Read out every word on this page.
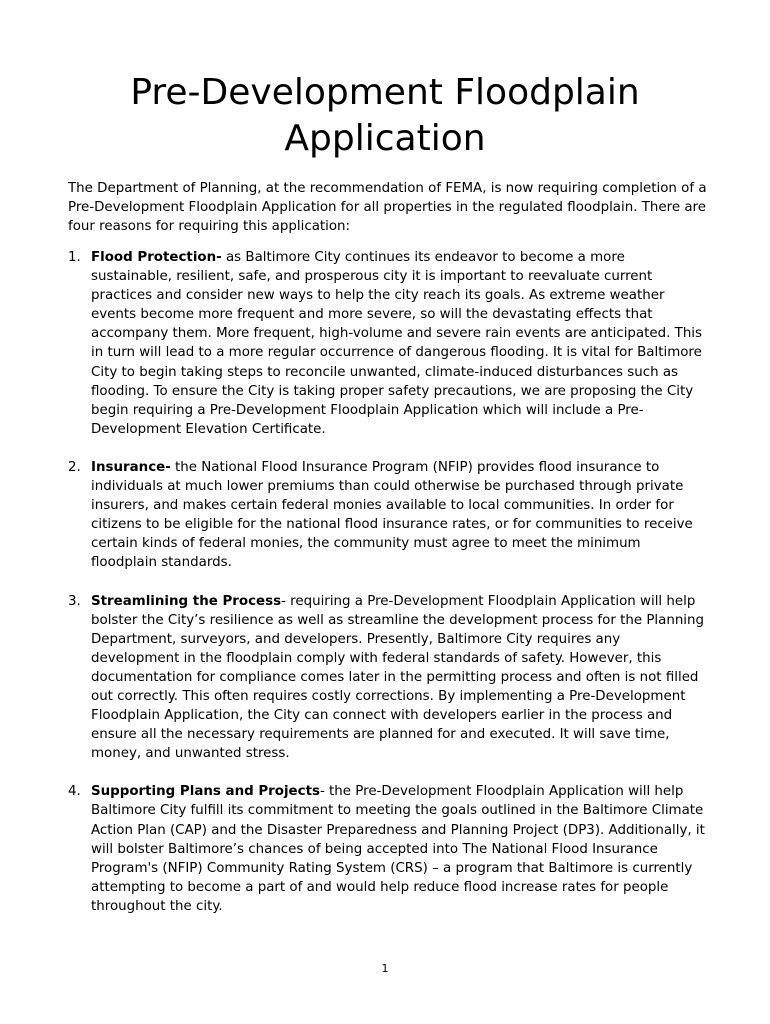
Pre-Development Floodplain
Application

The Department of Planning, at the recommendation of FEMA, is now requiring completion of a Pre-Development Floodplain Application for all properties in the regulated floodplain. There are four reasons for requiring this application:

1. Flood Protection- as Baltimore City continues its endeavor to become a more sustainable, resilient, safe, and prosperous city it is important to reevaluate current practices and consider new ways to help the city reach its goals. As extreme weather events become more frequent and more severe, so will the devastating effects that accompany them. More frequent, high-volume and severe rain events are anticipated. This in turn will lead to a more regular occurrence of dangerous flooding. It is vital for Baltimore City to begin taking steps to reconcile unwanted, climate-induced disturbances such as flooding. To ensure the City is taking proper safety precautions, we are proposing the City begin requiring a Pre-Development Floodplain Application which will include a Pre-Development Elevation Certificate.
2. Insurance- the National Flood Insurance Program (NFIP) provides flood insurance to individuals at much lower premiums than could otherwise be purchased through private insurers, and makes certain federal monies available to local communities. In order for citizens to be eligible for the national flood insurance rates, or for communities to receive certain kinds of federal monies, the community must agree to meet the minimum floodplain standards.
3. Streamlining the Process- requiring a Pre-Development Floodplain Application will help bolster the City’s resilience as well as streamline the development process for the Planning Department, surveyors, and developers. Presently, Baltimore City requires any development in the floodplain comply with federal standards of safety. However, this documentation for compliance comes later in the permitting process and often is not filled out correctly. This often requires costly corrections. By implementing a Pre-Development Floodplain Application, the City can connect with developers earlier in the process and ensure all the necessary requirements are planned for and executed. It will save time, money, and unwanted stress.
4. Supporting Plans and Projects- the Pre-Development Floodplain Application will help Baltimore City fulfill its commitment to meeting the goals outlined in the Baltimore Climate Action Plan (CAP) and the Disaster Preparedness and Planning Project (DP3). Additionally, it will bolster Baltimore’s chances of being accepted into The National Flood Insurance Program's (NFIP) Community Rating System (CRS) – a program that Baltimore is currently attempting to become a part of and would help reduce flood increase rates for people throughout the city.
1
